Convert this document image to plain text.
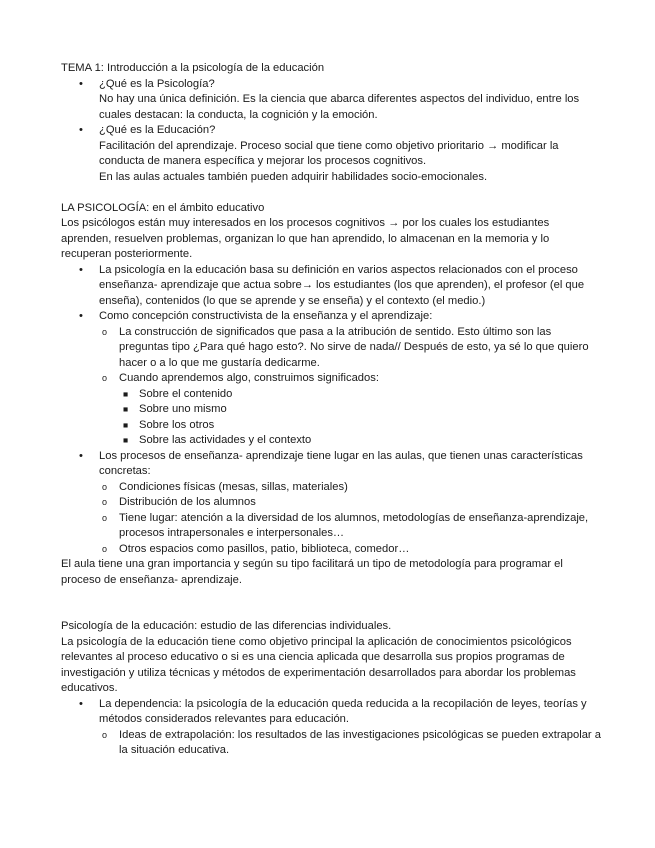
TEMA 1: Introducción a la psicología de la educación

• ¿Qué es la Psicología?

No hay una única definición. Es la ciencia que abarca diferentes aspectos del individuo, entre los cuales destacan: la conducta, la cognición y la emoción.

• ¿Qué es la Educación?

Facilitación del aprendizaje. Proceso social que tiene como objetivo prioritario → modificar la conducta de manera específica y mejorar los procesos cognitivos.

En las aulas actuales también pueden adquirir habilidades socio-emocionales.

LA PSICOLOGÍA: en el ámbito educativo

Los psicólogos están muy interesados en los procesos cognitivos → por los cuales los estudiantes aprenden, resuelven problemas, organizan lo que han aprendido, lo almacenan en la memoria y lo recuperan posteriormente.

• La psicología en la educación basa su definición en varios aspectos relacionados con el proceso enseñanza- aprendizaje que actua sobre→ los estudiantes (los que aprenden), el profesor (el que enseña), contenidos (lo que se aprende y se enseña) y el contexto (el medio.)

• Como concepción constructivista de la enseñanza y el aprendizaje:

o La construcción de significados que pasa a la atribución de sentido. Esto último son las preguntas tipo ¿Para qué hago esto?. No sirve de nada// Después de esto, ya sé lo que quiero hacer o a lo que me gustaría dedicarme.

o Cuando aprendemos algo, construimos significados:

■ Sobre el contenido

■ Sobre uno mismo

■ Sobre los otros

■ Sobre las actividades y el contexto

• Los procesos de enseñanza- aprendizaje tiene lugar en las aulas, que tienen unas características concretas:

o Condiciones físicas (mesas, sillas, materiales)

o Distribución de los alumnos

o Tiene lugar: atención a la diversidad de los alumnos, metodologías de enseñanza-aprendizaje, procesos intrapersonales e interpersonales…

o Otros espacios como pasillos, patio, biblioteca, comedor…

El aula tiene una gran importancia y según su tipo facilitará un tipo de metodología para programar el proceso de enseñanza- aprendizaje.

Psicología de la educación: estudio de las diferencias individuales.

La psicología de la educación tiene como objetivo principal la aplicación de conocimientos psicológicos relevantes al proceso educativo o si es una ciencia aplicada que desarrolla sus propios programas de investigación y utiliza técnicas y métodos de experimentación desarrollados para abordar los problemas educativos.

• La dependencia: la psicología de la educación queda reducida a la recopilación de leyes, teorías y métodos considerados relevantes para educación.

o Ideas de extrapolación: los resultados de las investigaciones psicológicas se pueden extrapolar a la situación educativa.
